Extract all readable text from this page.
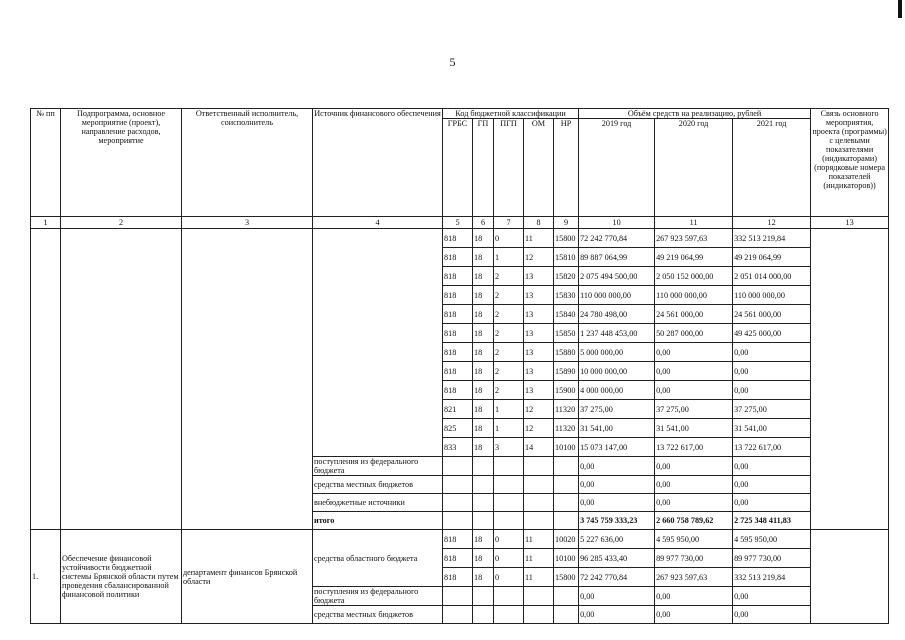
5
№ пп	Подпрограмма, основное мероприятие (проект), направление расходов, мероприятие	Ответственный исполнитель, соисполнитель	Источник финансового обеспечения	Код бюджетной классификации					Объём средств на реализацию, рублей			Связь основного мероприятия, проекта (программы) с целевыми показателями (индикаторами) (порядковые номера показателей (индикаторов))
				ГРБС	ГП	ПГП	ОМ	НР	2019 год	2020 год	2021 год	
1	2	3	4	5	6	7	8	9	10	11	12	13
				818	18	0	11	15800	72 242 770,84	267 923 597,63	332 513 219,84	
				818	18	1	12	15810	89 887 064,99	49 219 064,99	49 219 064,99	
				818	18	2	13	15820	2 075 494 500,00	2 050 152 000,00	2 051 014 000,00	
				818	18	2	13	15830	110 000 000,00	110 000 000,00	110 000 000,00	
				818	18	2	13	15840	24 780 498,00	24 561 000,00	24 561 000,00	
				818	18	2	13	15850	1 237 448 453,00	50 287 000,00	49 425 000,00	
				818	18	2	13	15880	5 000 000,00	0,00	0,00	
				818	18	2	13	15890	10 000 000,00	0,00	0,00	
				818	18	2	13	15900	4 000 000,00	0,00	0,00	
				821	18	1	12	11320	37 275,00	37 275,00	37 275,00	
				825	18	1	12	11320	31 541,00	31 541,00	31 541,00	
				833	18	3	14	10100	15 073 147,00	13 722 617,00	13 722 617,00	
			поступления из федерального бюджета						0,00	0,00	0,00	
			средства местных бюджетов						0,00	0,00	0,00	
			внебюджетные источники						0,00	0,00	0,00	
			итого						3 745 759 333,23	2 660 758 789,62	2 725 348 411,83	
1.	Обеспечение финансовой устойчивости бюджетной системы Брянской области путем проведения сбалансированной финансовой политики	департамент финансов Брянской области	средства областного бюджета	818	18	0	11	10020	5 227 636,00	4 595 950,00	4 595 950,00	
				818	18	0	11	10100	96 285 433,40	89 977 730,00	89 977 730,00	
				818	18	0	11	15800	72 242 770,84	267 923 597,63	332 513 219,84	
			поступления из федерального бюджета						0,00	0,00	0,00	
			средства местных бюджетов						0,00	0,00	0,00	
